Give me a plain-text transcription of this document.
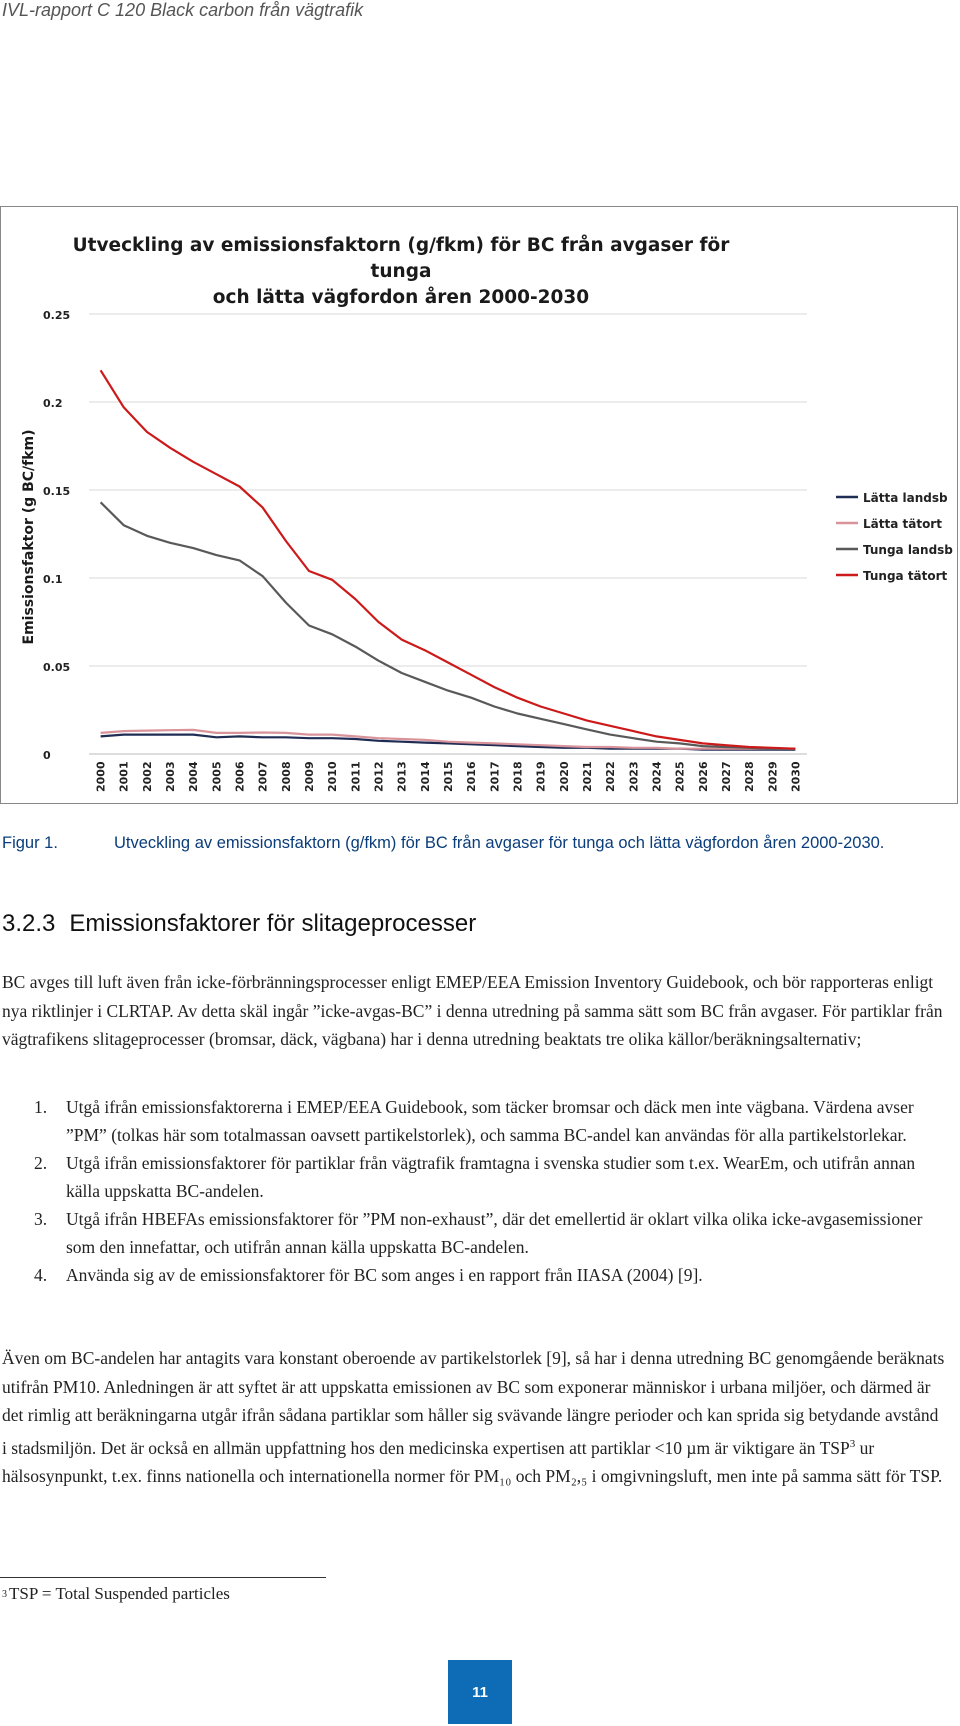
IVL-rapport C 120 Black carbon från vägtrafik
Utveckling av emissionsfaktorn (g/fkm) för BC från avgaser för tunga
och lätta vägfordon åren 2000-2030
0
0.05
0.1
0.15
0.2
0.25
Emissionsfaktor (g BC/fkm)
2000 2001 2002 2003 2004 2005 2006 2007 2008 2009 2010 2011 2012 2013 2014 2015 2016 2017 2018 2019 2020 2021 2022 2023 2024 2025 2026 2027 2028 2029 2030
Lätta landsb
Lätta tätort
Tunga landsb
Tunga tätort
Figur 1.	Utveckling av emissionsfaktorn (g/fkm) för BC från avgaser för tunga och lätta vägfordon åren 2000-2030.
3.2.3 Emissionsfaktorer för slitageprocesser

BC avges till luft även från icke-förbränningsprocesser enligt EMEP/EEA Emission Inventory Guidebook, och bör rapporteras enligt nya riktlinjer i CLRTAP. Av detta skäl ingår ”icke-avgas-BC” i denna utredning på samma sätt som BC från avgaser. För partiklar från vägtrafikens slitageprocesser (bromsar, däck, vägbana) har i denna utredning beaktats tre olika källor/beräkningsalternativ;

1. Utgå ifrån emissionsfaktorerna i EMEP/EEA Guidebook, som täcker bromsar och däck men inte vägbana. Värdena avser ”PM” (tolkas här som totalmassan oavsett partikelstorlek), och samma BC-andel kan användas för alla partikelstorlekar.
2. Utgå ifrån emissionsfaktorer för partiklar från vägtrafik framtagna i svenska studier som t.ex. WearEm, och utifrån annan källa uppskatta BC-andelen.
3. Utgå ifrån HBEFAs emissionsfaktorer för ”PM non-exhaust”, där det emellertid är oklart vilka olika icke-avgasemissioner som den innefattar, och utifrån annan källa uppskatta BC-andelen.
4. Använda sig av de emissionsfaktorer för BC som anges i en rapport från IIASA (2004) [9].

Även om BC-andelen har antagits vara konstant oberoende av partikelstorlek [9], så har i denna utredning BC genomgående beräknats utifrån PM10. Anledningen är att syftet är att uppskatta emissionen av BC som exponerar människor i urbana miljöer, och därmed är det rimlig att beräkningarna utgår ifrån sådana partiklar som håller sig svävande längre perioder och kan sprida sig betydande avstånd i stadsmiljön. Det är också en allmän uppfattning hos den medicinska expertisen att partiklar <10 µm är viktigare än TSP$^3$ ur hälsosynpunkt, t.ex. finns nationella och internationella normer för PM₁₀ och PM₂,₅ i omgivningsluft, men inte på samma sätt för TSP.

$^3$ TSP = Total Suspended particles
11
